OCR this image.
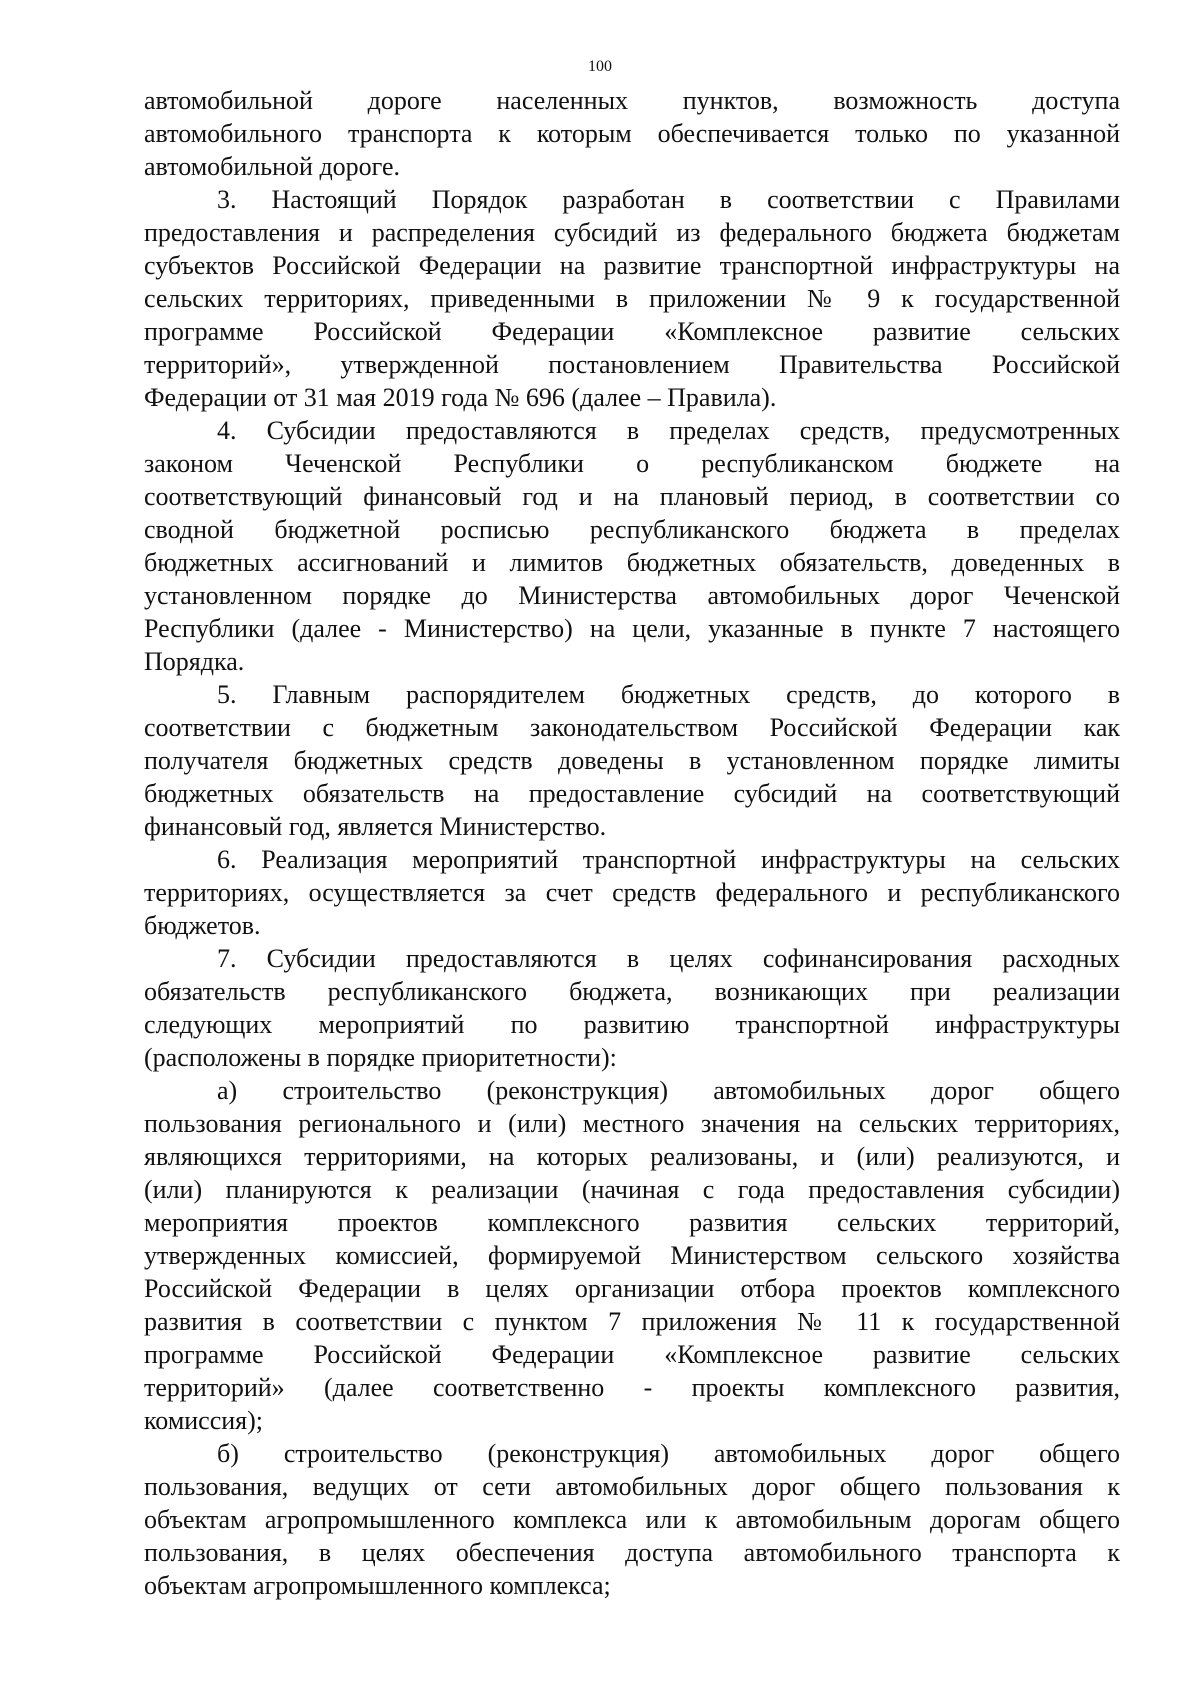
100

автомобильной дороге населенных пунктов, возможность доступа

автомобильного транспорта к которым обеспечивается только по указанной

автомобильной дороге.

3. Настоящий Порядок разработан в соответствии с Правилами

предоставления и распределения субсидий из федерального бюджета бюджетам

субъектов Российской Федерации на развитие транспортной инфраструктуры на

сельских территориях, приведенными в приложении № 9 к государственной

программе Российской Федерации «Комплексное развитие сельских

территорий», утвержденной постановлением Правительства Российской

Федерации от 31 мая 2019 года № 696 (далее – Правила).

4. Субсидии предоставляются в пределах средств, предусмотренных

законом Чеченской Республики о республиканском бюджете на

соответствующий финансовый год и на плановый период, в соответствии со

сводной бюджетной росписью республиканского бюджета в пределах

бюджетных ассигнований и лимитов бюджетных обязательств, доведенных в

установленном порядке до Министерства автомобильных дорог Чеченской

Республики (далее - Министерство) на цели, указанные в пункте 7 настоящего

Порядка.

5. Главным распорядителем бюджетных средств, до которого в

соответствии с бюджетным законодательством Российской Федерации как

получателя бюджетных средств доведены в установленном порядке лимиты

бюджетных обязательств на предоставление субсидий на соответствующий

финансовый год, является Министерство.

6. Реализация мероприятий транспортной инфраструктуры на сельских

территориях, осуществляется за счет средств федерального и республиканского

бюджетов.

7. Субсидии предоставляются в целях софинансирования расходных

обязательств республиканского бюджета, возникающих при реализации

следующих мероприятий по развитию транспортной инфраструктуры

(расположены в порядке приоритетности):

а) строительство (реконструкция) автомобильных дорог общего

пользования регионального и (или) местного значения на сельских территориях,

являющихся территориями, на которых реализованы, и (или) реализуются, и

(или) планируются к реализации (начиная с года предоставления субсидии)

мероприятия проектов комплексного развития сельских территорий,

утвержденных комиссией, формируемой Министерством сельского хозяйства

Российской Федерации в целях организации отбора проектов комплексного

развития в соответствии с пунктом 7 приложения № 11 к государственной

программе Российской Федерации «Комплексное развитие сельских

территорий» (далее соответственно - проекты комплексного развития,

комиссия);

б) строительство (реконструкция) автомобильных дорог общего

пользования, ведущих от сети автомобильных дорог общего пользования к

объектам агропромышленного комплекса или к автомобильным дорогам общего

пользования, в целях обеспечения доступа автомобильного транспорта к

объектам агропромышленного комплекса;
